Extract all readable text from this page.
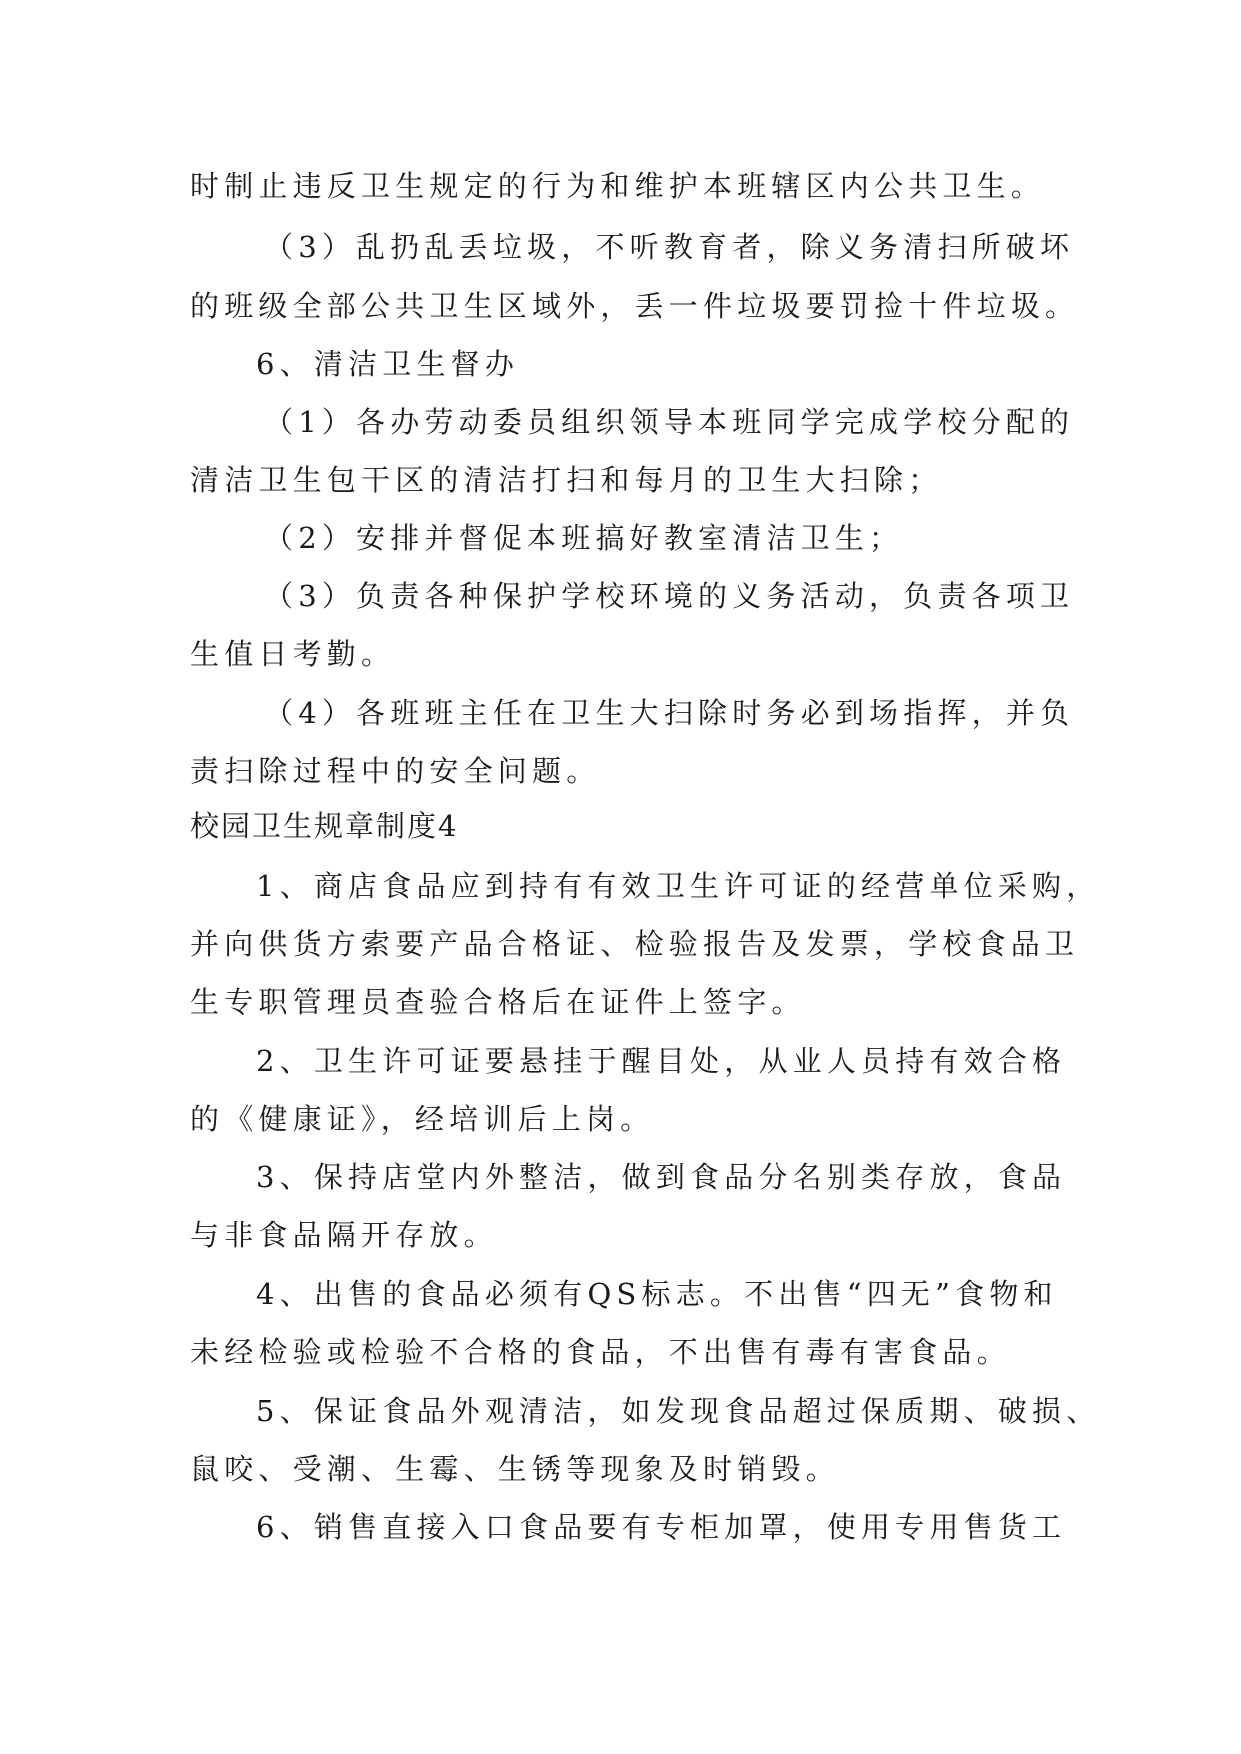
时制止违反卫生规定的行为和维护本班辖区内公共卫生。

（3）乱扔乱丢垃圾，不听教育者，除义务清扫所破坏

的班级全部公共卫生区域外，丢一件垃圾要罚捡十件垃圾。

6、清洁卫生督办

（1）各办劳动委员组织领导本班同学完成学校分配的

清洁卫生包干区的清洁打扫和每月的卫生大扫除；

（2）安排并督促本班搞好教室清洁卫生；

（3）负责各种保护学校环境的义务活动，负责各项卫

生值日考勤。

（4）各班班主任在卫生大扫除时务必到场指挥，并负

责扫除过程中的安全问题。

校园卫生规章制度4

1、商店食品应到持有有效卫生许可证的经营单位采购，

并向供货方索要产品合格证、检验报告及发票，学校食品卫

生专职管理员查验合格后在证件上签字。

2、卫生许可证要悬挂于醒目处，从业人员持有效合格

的《健康证》，经培训后上岗。

3、保持店堂内外整洁，做到食品分名别类存放，食品

与非食品隔开存放。

4、出售的食品必须有QS标志。不出售“四无”食物和

未经检验或检验不合格的食品，不出售有毒有害食品。

5、保证食品外观清洁，如发现食品超过保质期、破损、

鼠咬、受潮、生霉、生锈等现象及时销毁。

6、销售直接入口食品要有专柜加罩，使用专用售货工
